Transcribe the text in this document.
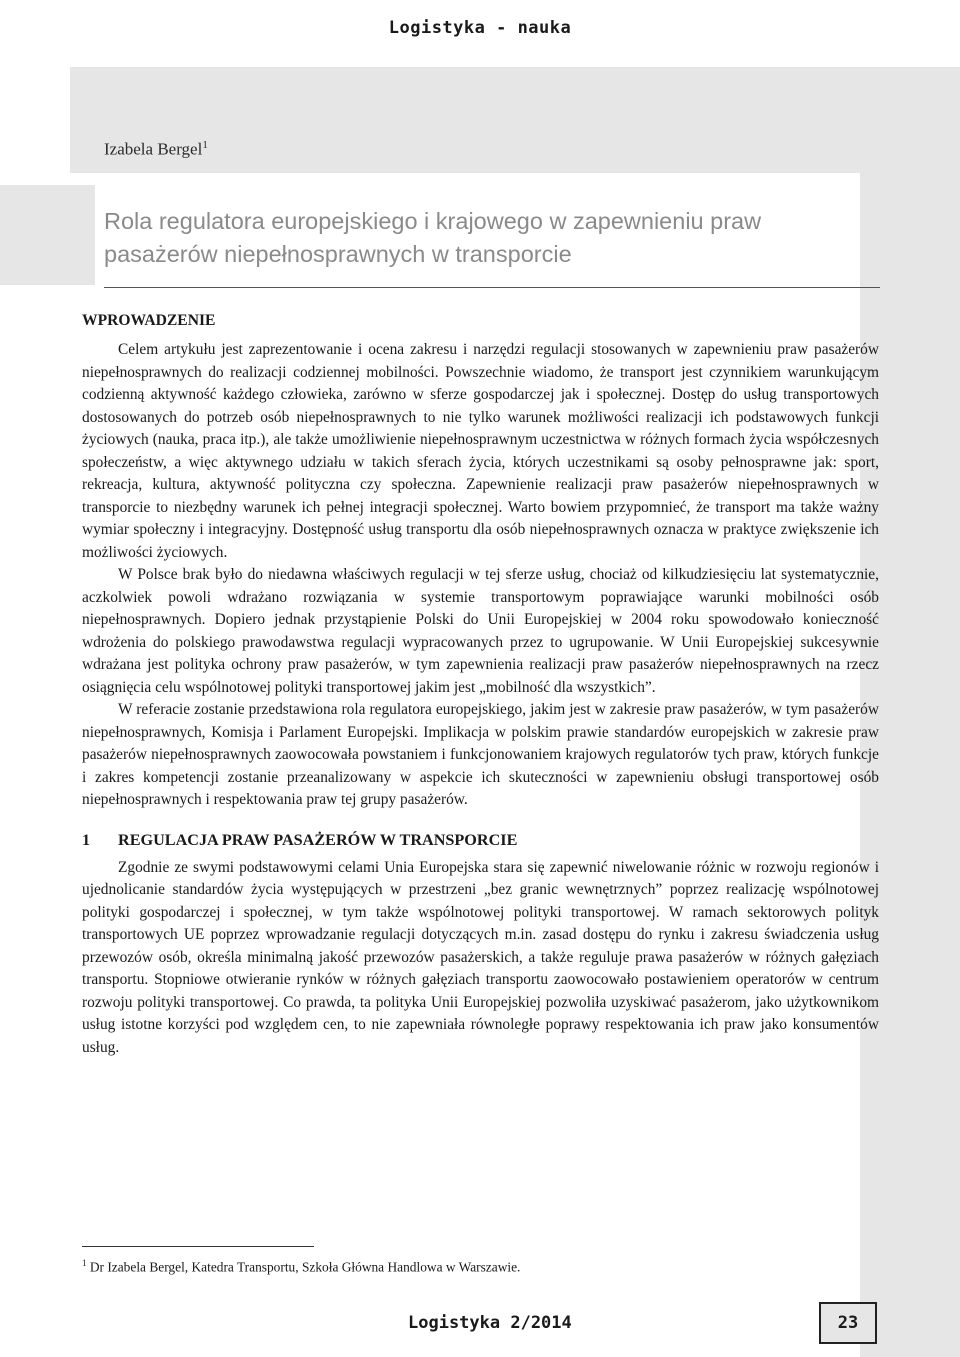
Logistyka - nauka
Izabela Bergel$^1$
Rola regulatora europejskiego i krajowego w zapewnieniu praw
pasażerów niepełnosprawnych w transporcie
WPROWADZENIE

Celem artykułu jest zaprezentowanie i ocena zakresu i narzędzi regulacji stosowanych w zapewnieniu praw pasażerów niepełnosprawnych do realizacji codziennej mobilności. Powszechnie wiadomo, że transport jest czynnikiem warunkującym codzienną aktywność każdego człowieka, zarówno w sferze gospodarczej jak i społecznej. Dostęp do usług transportowych dostosowanych do potrzeb osób niepełnosprawnych to nie tylko warunek możliwości realizacji ich podstawowych funkcji życiowych (nauka, praca itp.), ale także umożliwienie niepełnosprawnym uczestnictwa w różnych formach życia współczesnych społeczeństw, a więc aktywnego udziału w takich sferach życia, których uczestnikami są osoby pełnosprawne jak: sport, rekreacja, kultura, aktywność polityczna czy społeczna. Zapewnienie realizacji praw pasażerów niepełnosprawnych w transporcie to niezbędny warunek ich pełnej integracji społecznej. Warto bowiem przypomnieć, że transport ma także ważny wymiar społeczny i integracyjny. Dostępność usług transportu dla osób niepełnosprawnych oznacza w praktyce zwiększenie ich możliwości życiowych.

W Polsce brak było do niedawna właściwych regulacji w tej sferze usług, chociaż od kilkudziesięciu lat systematycznie, aczkolwiek powoli wdrażano rozwiązania w systemie transportowym poprawiające warunki mobilności osób niepełnosprawnych. Dopiero jednak przystąpienie Polski do Unii Europejskiej w 2004 roku spowodowało konieczność wdrożenia do polskiego prawodawstwa regulacji wypracowanych przez to ugrupowanie. W Unii Europejskiej sukcesywnie wdrażana jest polityka ochrony praw pasażerów, w tym zapewnienia realizacji praw pasażerów niepełnosprawnych na rzecz osiągnięcia celu wspólnotowej polityki transportowej jakim jest „mobilność dla wszystkich”.

W referacie zostanie przedstawiona rola regulatora europejskiego, jakim jest w zakresie praw pasażerów, w tym pasażerów niepełnosprawnych, Komisja i Parlament Europejski. Implikacja w polskim prawie standardów europejskich w zakresie praw pasażerów niepełnosprawnych zaowocowała powstaniem i funkcjonowaniem krajowych regulatorów tych praw, których funkcje i zakres kompetencji zostanie przeanalizowany w aspekcie ich skuteczności w zapewnieniu obsługi transportowej osób niepełnosprawnych i respektowania praw tej grupy pasażerów.

1 REGULACJA PRAW PASAŻERÓW W TRANSPORCIE

Zgodnie ze swymi podstawowymi celami Unia Europejska stara się zapewnić niwelowanie różnic w rozwoju regionów i ujednolicanie standardów życia występujących w przestrzeni „bez granic wewnętrznych” poprzez realizację wspólnotowej polityki gospodarczej i społecznej, w tym także wspólnotowej polityki transportowej. W ramach sektorowych polityk transportowych UE poprzez wprowadzanie regulacji dotyczących m.in. zasad dostępu do rynku i zakresu świadczenia usług przewozów osób, określa minimalną jakość przewozów pasażerskich, a także reguluje prawa pasażerów w różnych gałęziach transportu. Stopniowe otwieranie rynków w różnych gałęziach transportu zaowocowało postawieniem operatorów w centrum rozwoju polityki transportowej. Co prawda, ta polityka Unii Europejskiej pozwoliła uzyskiwać pasażerom, jako użytkownikom usług istotne korzyści pod względem cen, to nie zapewniała równoległe poprawy respektowania ich praw jako konsumentów usług.

$^1$ Dr Izabela Bergel, Katedra Transportu, Szkoła Główna Handlowa w Warszawie.
Logistyka 2/2014	23
